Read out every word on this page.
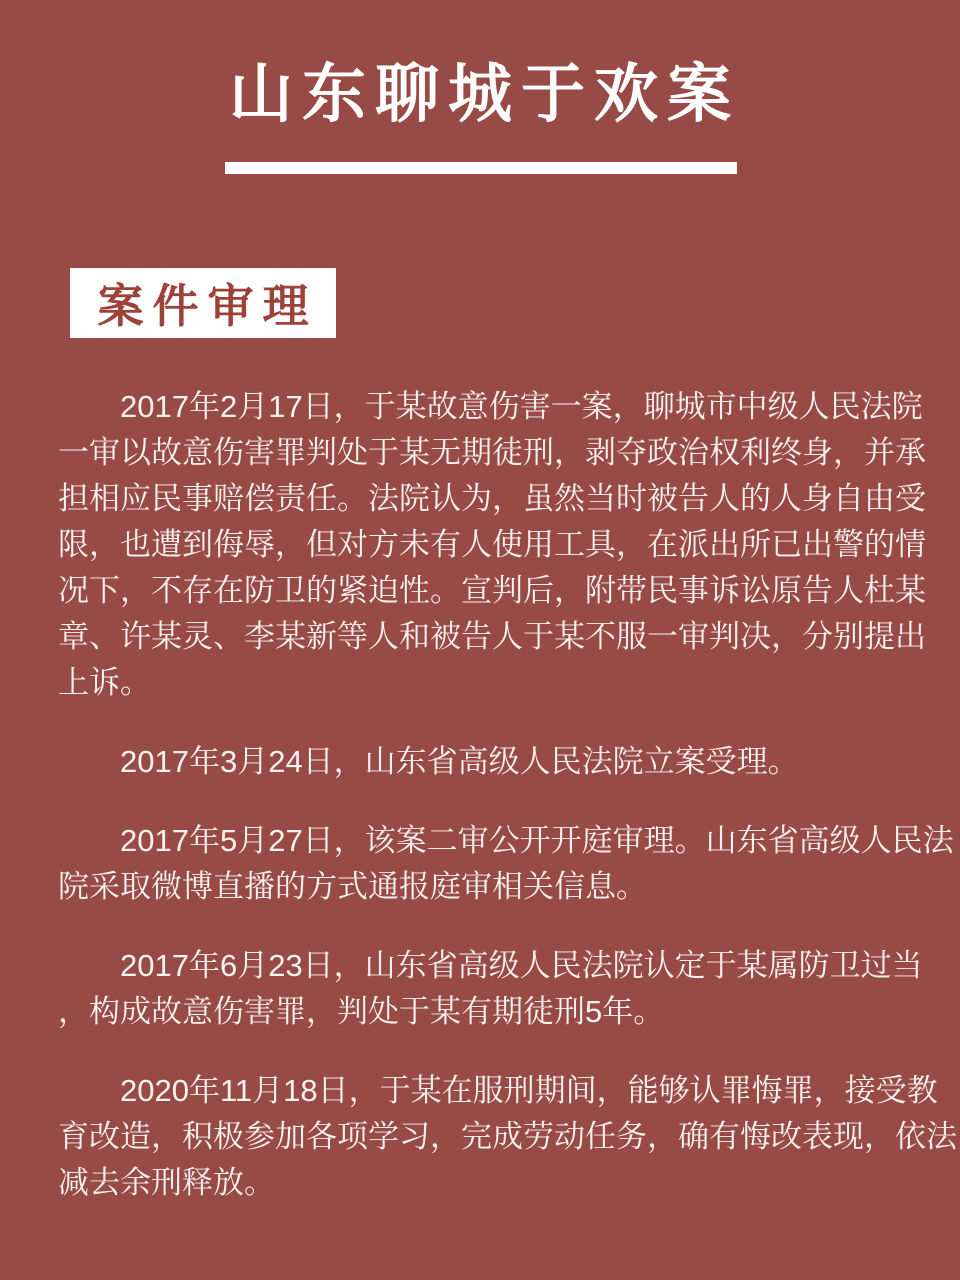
山东聊城于欢案
案件审理
2017年2月17日，于某故意伤害一案，聊城市中级人民法院
一审以故意伤害罪判处于某无期徒刑，剥夺政治权利终身，并承
担相应民事赔偿责任。法院认为，虽然当时被告人的人身自由受
限，也遭到侮辱，但对方未有人使用工具，在派出所已出警的情
况下，不存在防卫的紧迫性。宣判后，附带民事诉讼原告人杜某
章、许某灵、李某新等人和被告人于某不服一审判决，分别提出
上诉。
2017年3月24日，山东省高级人民法院立案受理。
2017年5月27日，该案二审公开开庭审理。山东省高级人民法
院采取微博直播的方式通报庭审相关信息。
2017年6月23日，山东省高级人民法院认定于某属防卫过当
，构成故意伤害罪，判处于某有期徒刑5年。
2020年11月18日，于某在服刑期间，能够认罪悔罪，接受教
育改造，积极参加各项学习，完成劳动任务，确有悔改表现，依法
减去余刑释放。
